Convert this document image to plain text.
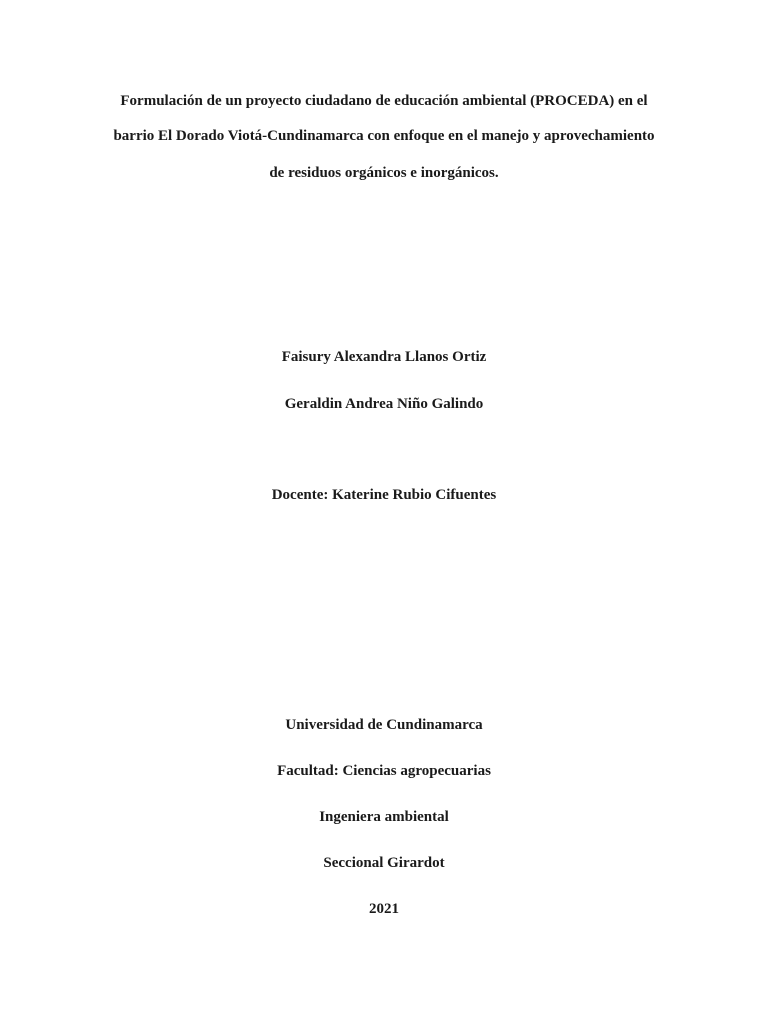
Formulación de un proyecto ciudadano de educación ambiental (PROCEDA) en el
barrio El Dorado Viotá-Cundinamarca con enfoque en el manejo y aprovechamiento
de residuos orgánicos e inorgánicos.
Faisury Alexandra Llanos Ortiz
Geraldin Andrea Niño Galindo
Docente: Katerine Rubio Cifuentes
Universidad de Cundinamarca
Facultad: Ciencias agropecuarias
Ingeniera ambiental
Seccional Girardot
2021
